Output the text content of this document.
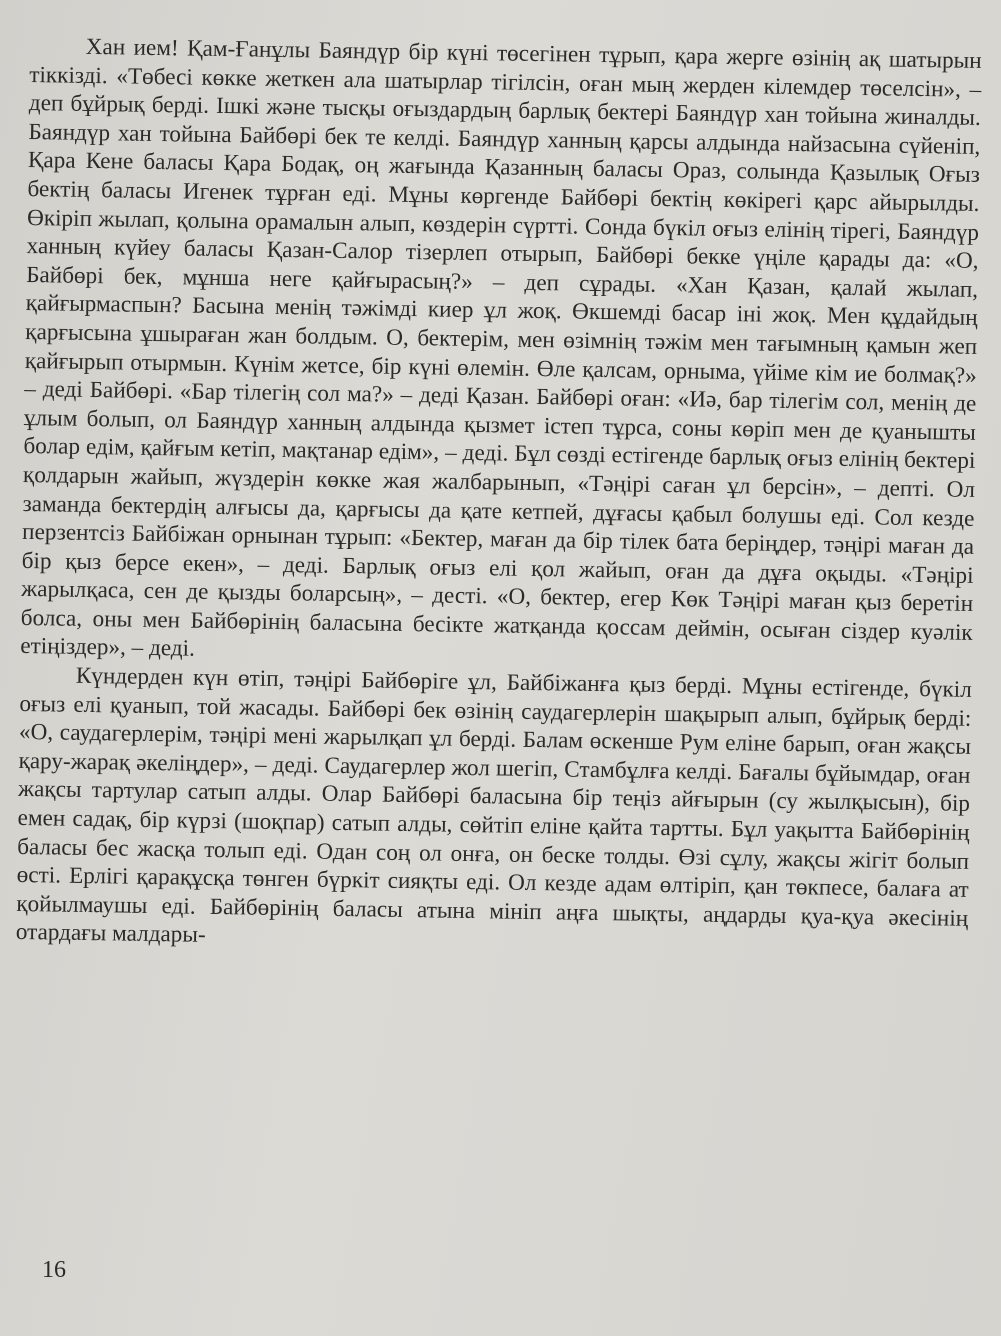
Хан ием! Қам-Ғанұлы Баяндүр бір күні төсегінен тұрып, қара жерге өзінің ақ шатырын тіккізді. «Төбесі көкке жеткен ала шатырлар тігілсін, оған мың жерден кілемдер төселсін», – деп бұйрық берді. Ішкі және тысқы оғыздардың барлық бектері Баяндүр хан тойына жиналды. Баяндүр хан тойына Байбөрі бек те келді. Баяндүр ханның қарсы алдында найзасына сүйеніп, Қара Кене баласы Қара Бодақ, оң жағында Қазанның баласы Ораз, солында Қазылық Оғыз бектің баласы Игенек тұрған еді. Мұны көргенде Байбөрі бектің көкірегі қарс айырылды. Өкіріп жылап, қолына орамалын алып, көздерін сүртті. Сонда бүкіл оғыз елінің тірегі, Баяндүр ханның күйеу баласы Қазан-Салор тізерлеп отырып, Байбөрі бекке үңіле қарады да: «О, Байбөрі бек, мұнша неге қайғырасың?» – деп сұрады. «Хан Қазан, қалай жылап, қайғырмаспын? Басына менің тәжімді киер ұл жоқ. Өкшемді басар іні жоқ. Мен құдайдың қарғысына ұшыраған жан болдым. О, бектерім, мен өзімнің тәжім мен тағымның қамын жеп қайғырып отырмын. Күнім жетсе, бір күні өлемін. Өле қалсам, орныма, үйіме кім ие болмақ?» – деді Байбөрі. «Бар тілегің сол ма?» – деді Қазан. Байбөрі оған: «Иә, бар тілегім сол, менің де ұлым болып, ол Баяндүр ханның алдында қызмет істеп тұрса, соны көріп мен де қуанышты болар едім, қайғым кетіп, мақтанар едім», – деді. Бұл сөзді естігенде барлық оғыз елінің бектері қолдарын жайып, жүздерін көкке жая жалбарынып, «Тәңірі саған ұл берсін», – депті. Ол заманда бектердің алғысы да, қарғысы да қате кетпей, дұғасы қабыл болушы еді. Сол кезде перзентсіз Байбіжан орнынан тұрып: «Бектер, маған да бір тілек бата беріңдер, тәңірі маған да бір қыз берсе екен», – деді. Барлық оғыз елі қол жайып, оған да дұға оқыды. «Тәңірі жарылқаса, сен де қызды боларсың», – десті. «О, бектер, егер Көк Тәңірі маған қыз беретін болса, оны мен Байбөрінің баласына бесікте жатқанда қоссам деймін, осыған сіздер куәлік етіңіздер», – деді.

Күндерден күн өтіп, тәңірі Байбөріге ұл, Байбіжанға қыз берді. Мұны естігенде, бүкіл оғыз елі қуанып, той жасады. Байбөрі бек өзінің саудагерлерін шақырып алып, бұйрық берді: «О, саудагерлерім, тәңірі мені жарылқап ұл берді. Балам өскенше Рум еліне барып, оған жақсы қару-жарақ әкеліңдер», – деді. Саудагерлер жол шегіп, Стамбұлға келді. Бағалы бұйымдар, оған жақсы тартулар сатып алды. Олар Байбөрі баласына бір теңіз айғырын (су жылқысын), бір емен садақ, бір күрзі (шоқпар) сатып алды, сөйтіп еліне қайта тартты. Бұл уақытта Байбөрінің баласы бес жасқа толып еді. Одан соң ол онға, он беске толды. Өзі сұлу, жақсы жігіт болып өсті. Ерлігі қарақұсқа төнген бүркіт сияқты еді. Ол кезде адам өлтіріп, қан төкпесе, балаға ат қойылмаушы еді. Байбөрінің баласы атына мініп аңға шықты, аңдарды қуа-қуа әкесінің отардағы малдары-

16
